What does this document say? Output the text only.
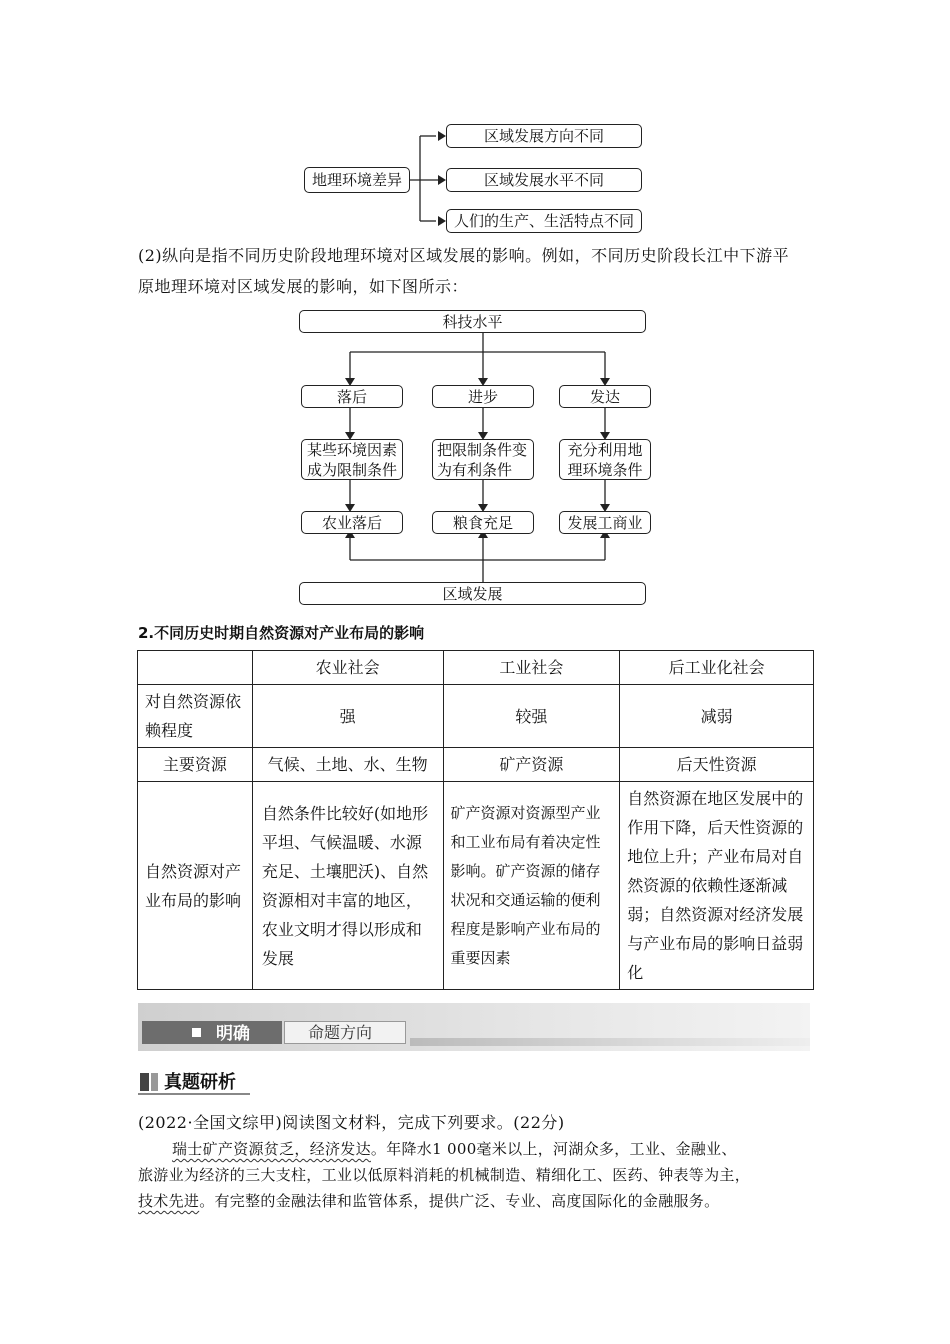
地理环境差异
区域发展方向不同
区域发展水平不同
人们的生产、生活特点不同
(2)纵向是指不同历史阶段地理环境对区域发展的影响。例如，不同历史阶段长江中下游平
原地理环境对区域发展的影响，如下图所示：
科技水平
落后	进步	发达
某些环境因素
成为限制条件
把限制条件变
为有利条件
充分利用地
理环境条件
农业落后	粮食充足	发展工商业
区域发展
2.不同历史时期自然资源对产业布局的影响
	农业社会	工业社会	后工业化社会
对自然资源依赖程度	强	较强	减弱
主要资源	气候、土地、水、生物	矿产资源	后天性资源
自然资源对产业布局的影响	自然条件比较好(如地形平坦、气候温暖、水源充足、土壤肥沃)、自然资源相对丰富的地区，农业文明才得以形成和发展	矿产资源对资源型产业和工业布局有着决定性影响。矿产资源的储存状况和交通运输的便利程度是影响产业布局的重要因素	自然资源在地区发展中的作用下降，后天性资源的地位上升；产业布局对自然资源的依赖性逐渐减弱；自然资源对经济发展与产业布局的影响日益弱化
明确	命题方向
真题研析
(2022·全国文综甲)阅读图文材料，完成下列要求。(22分)
瑞士矿产资源贫乏，经济发达。年降水1 000毫米以上，河湖众多，工业、金融业、
旅游业为经济的三大支柱，工业以低原料消耗的机械制造、精细化工、医药、钟表等为主，
技术先进。有完整的金融法律和监管体系，提供广泛、专业、高度国际化的金融服务。
